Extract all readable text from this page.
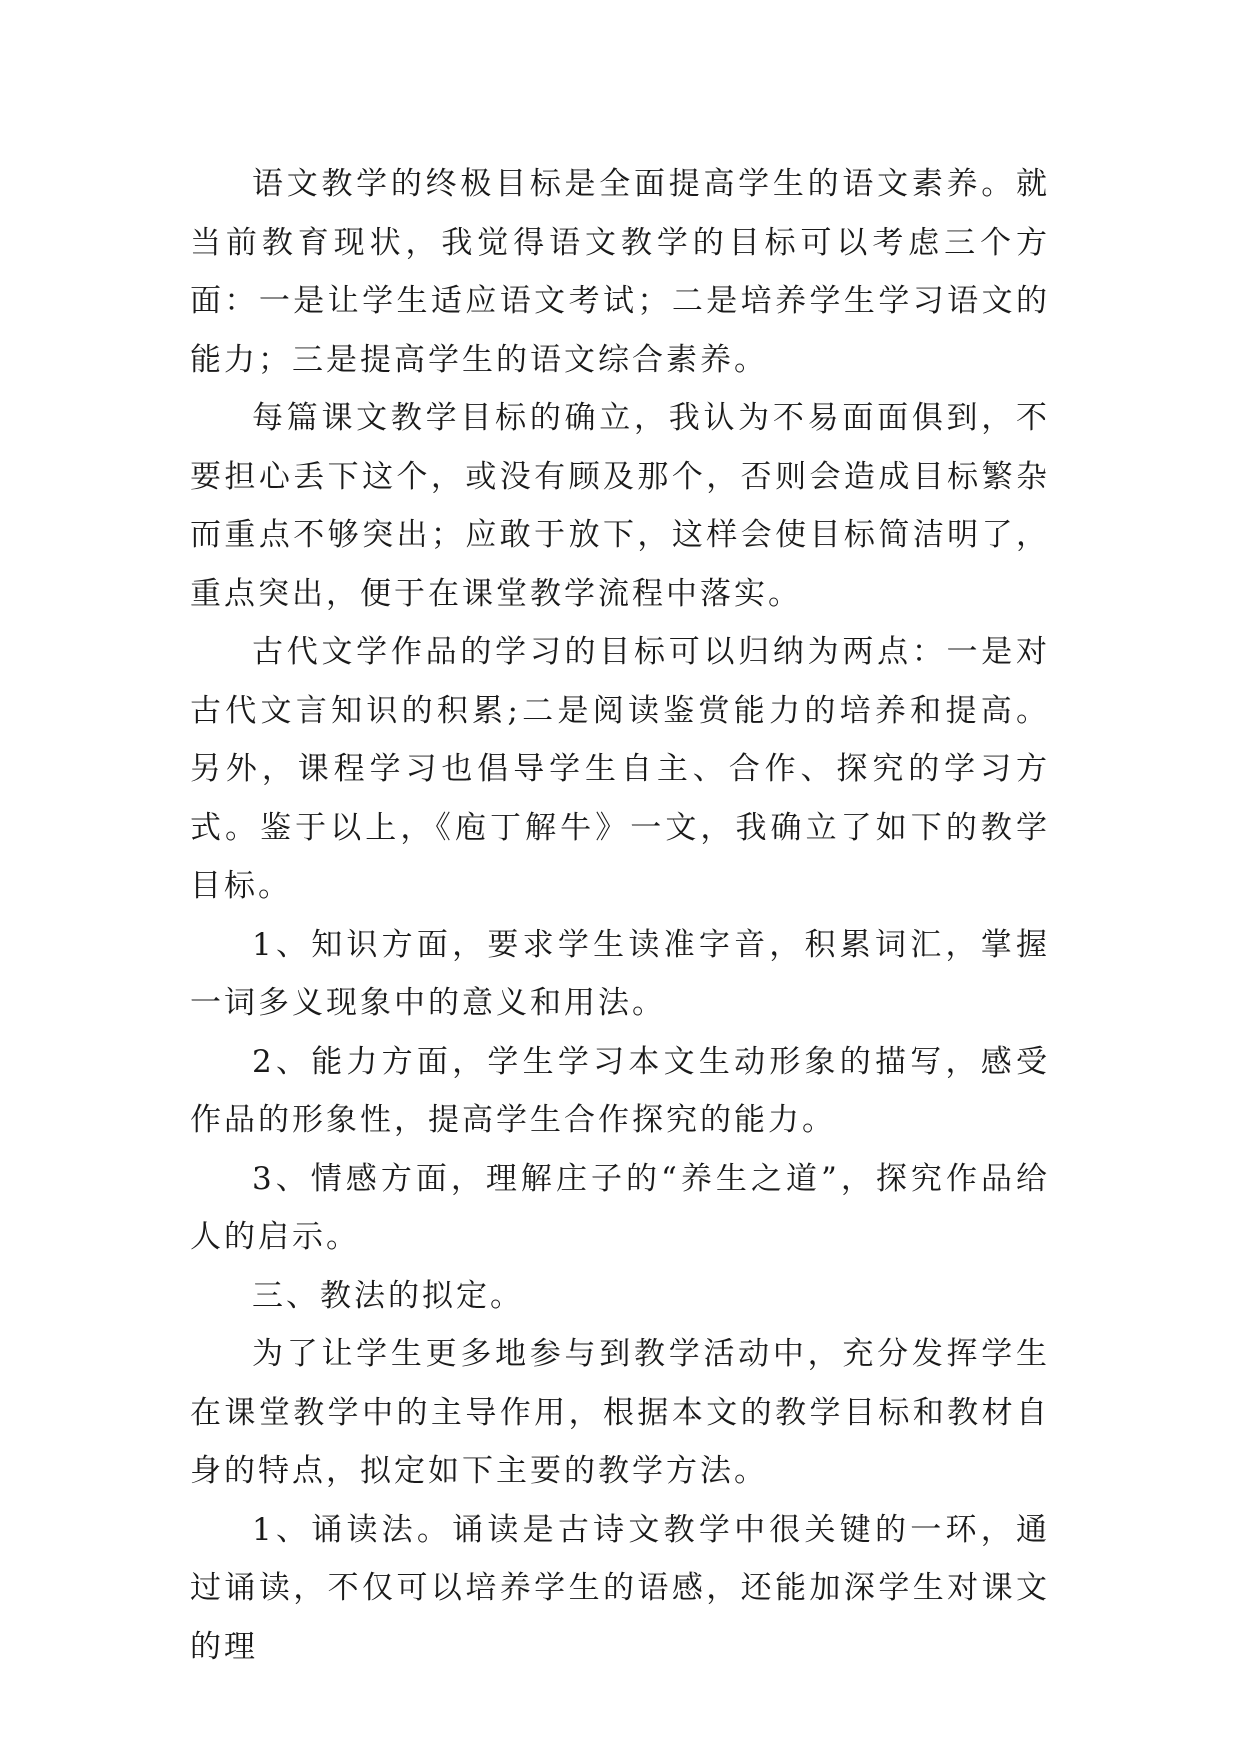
语文教学的终极目标是全面提高学生的语文素养。就当前教育现状，我觉得语文教学的目标可以考虑三个方面：一是让学生适应语文考试；二是培养学生学习语文的能力；三是提高学生的语文综合素养。

每篇课文教学目标的确立，我认为不易面面俱到，不要担心丢下这个，或没有顾及那个，否则会造成目标繁杂而重点不够突出；应敢于放下，这样会使目标简洁明了，重点突出，便于在课堂教学流程中落实。

古代文学作品的学习的目标可以归纳为两点：一是对古代文言知识的积累;二是阅读鉴赏能力的培养和提高。另外，课程学习也倡导学生自主、合作、探究的学习方式。鉴于以上，《庖丁解牛》一文，我确立了如下的教学目标。

1、知识方面，要求学生读准字音，积累词汇，掌握一词多义现象中的意义和用法。

2、能力方面，学生学习本文生动形象的描写，感受作品的形象性，提高学生合作探究的能力。

3、情感方面，理解庄子的“养生之道”，探究作品给人的启示。

三、教法的拟定。

为了让学生更多地参与到教学活动中，充分发挥学生在课堂教学中的主导作用，根据本文的教学目标和教材自身的特点，拟定如下主要的教学方法。

1、诵读法。诵读是古诗文教学中很关键的一环，通过诵读，不仅可以培养学生的语感，还能加深学生对课文的理
